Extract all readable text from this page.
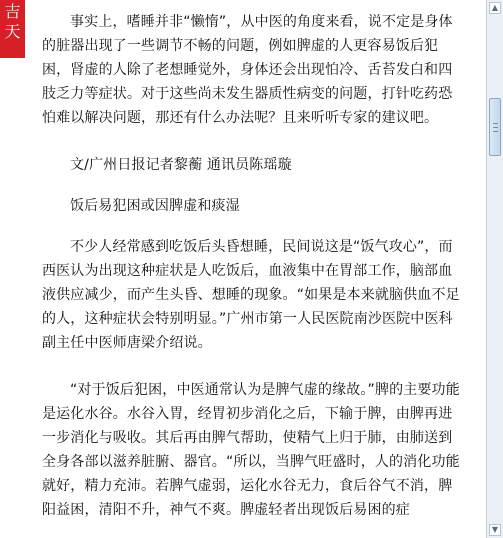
吉
天	事实上，嗜睡并非“懒惰”，从中医的角度来看，说不定是身体的脏器出现了一些调节不畅的问题，例如脾虚的人更容易饭后犯困，肾虚的人除了老想睡觉外，身体还会出现怕冷、舌苔发白和四肢乏力等症状。对于这些尚未发生器质性病变的问题，打针吃药恐怕难以解决问题，那还有什么办法呢？且来听听专家的建议吧。

文/广州日报记者黎蘅 通讯员陈瑶璇

饭后易犯困或因脾虚和痰湿

不少人经常感到吃饭后头昏想睡，民间说这是“饭气攻心”，而西医认为出现这种症状是人吃饭后，血液集中在胃部工作，脑部血液供应减少，而产生头昏、想睡的现象。“如果是本来就脑供血不足的人，这种症状会特别明显。”广州市第一人民医院南沙医院中医科副主任中医师唐梁介绍说。

“对于饭后犯困，中医通常认为是脾气虚的缘故。”脾的主要功能是运化水谷。水谷入胃，经胃初步消化之后，下输于脾，由脾再进一步消化与吸收。其后再由脾气帮助，使精气上归于肺，由肺送到全身各部以滋养脏腑、器官。“所以，当脾气旺盛时，人的消化功能就好，精力充沛。若脾气虚弱，运化水谷无力，食后谷气不消，脾阳益困，清阳不升，神气不爽。脾虚轻者出现饭后易困的症

▲
▼
